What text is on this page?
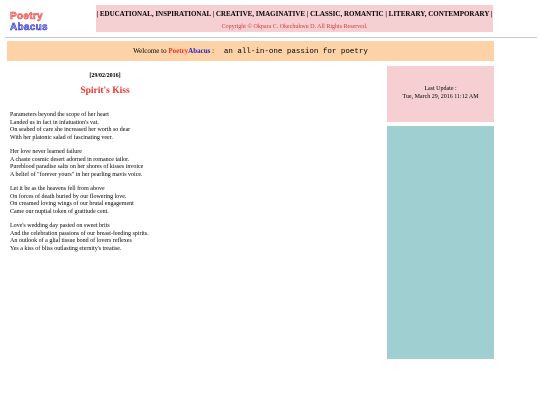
Poetry
Abacus
| EDUCATIONAL, INSPIRATIONAL | CREATIVE, IMAGINATIVE | CLASSIC, ROMANTIC | LITERARY, CONTEMPORARY |
Copyright © Okpara C. Okechukwu D. All Rights Reserved.
Welcome to PoetryAbacus : an all-in-one passion for poetry
[29/02/2016]
Spirit's Kiss
Parameters beyond the scope of her heart
Landed us in fact in infatuation's vat.
On seabed of care she increased her worth so dear
With her platonic salad of fascinating veer.
Her love never learned failure
A chaste cosmic desert adorned in romance tailor.
Pureblood paradise salts on her shores of kisses invoice
A belief of "forever yours" in her pearling mavis voice.
Let it be as the heavens fell from above
On forces of death buried by our flowering love.
On creamed loving wings of our brutal engagement
Came our nuptial token of gratitude cent.
Love's wedding day pasted on sweet brits
And the celebration passions of our breast-feeding spirits.
An outlook of a glial tissue bond of lovers reflexes
Yes a kiss of bliss outlasting eternity's treatise.
Last Update :
Tue, March 29, 2016 11:12 AM
